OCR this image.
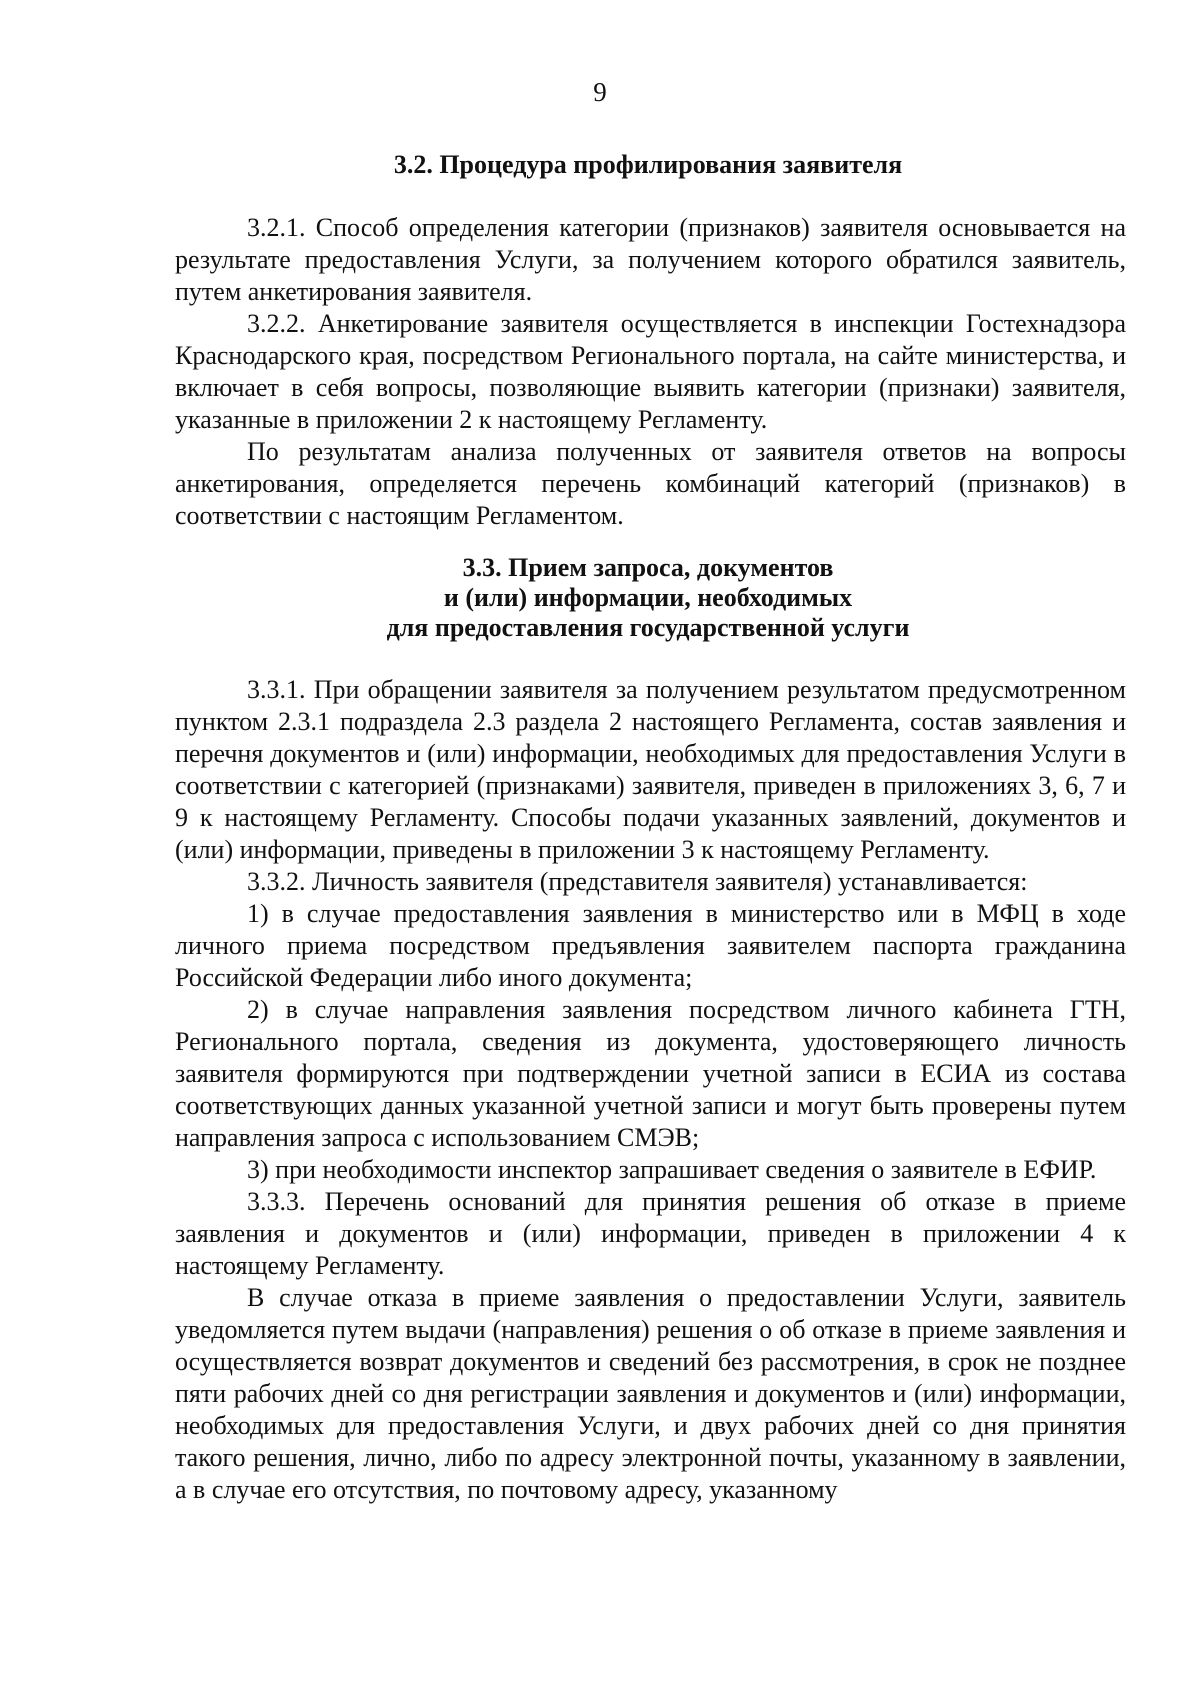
9
3.2. Процедура профилирования заявителя

3.2.1. Способ определения категории (признаков) заявителя основывается на результате предоставления Услуги, за получением которого обратился заявитель, путем анкетирования заявителя.

3.2.2. Анкетирование заявителя осуществляется в инспекции Гостехнадзора Краснодарского края, посредством Регионального портала, на сайте министерства, и включает в себя вопросы, позволяющие выявить категории (признаки) заявителя, указанные в приложении 2 к настоящему Регламенту.

По результатам анализа полученных от заявителя ответов на вопросы анкетирования, определяется перечень комбинаций категорий (признаков) в соответствии с настоящим Регламентом.

3.3. Прием запроса, документов
и (или) информации, необходимых
для предоставления государственной услуги

3.3.1. При обращении заявителя за получением результатом предусмотренном пунктом 2.3.1 подраздела 2.3 раздела 2 настоящего Регламента, состав заявления и перечня документов и (или) информации, необходимых для предоставления Услуги в соответствии с категорией (признаками) заявителя, приведен в приложениях 3, 6, 7 и 9 к настоящему Регламенту. Способы подачи указанных заявлений, документов и (или) информации, приведены в приложении 3 к настоящему Регламенту.

3.3.2. Личность заявителя (представителя заявителя) устанавливается:

1) в случае предоставления заявления в министерство или в МФЦ в ходе личного приема посредством предъявления заявителем паспорта гражданина Российской Федерации либо иного документа;

2) в случае направления заявления посредством личного кабинета ГТН, Регионального портала, сведения из документа, удостоверяющего личность заявителя формируются при подтверждении учетной записи в ЕСИА из состава соответствующих данных указанной учетной записи и могут быть проверены путем направления запроса с использованием СМЭВ;

3) при необходимости инспектор запрашивает сведения о заявителе в ЕФИР.

3.3.3. Перечень оснований для принятия решения об отказе в приеме заявления и документов и (или) информации, приведен в приложении 4 к настоящему Регламенту.

В случае отказа в приеме заявления о предоставлении Услуги, заявитель уведомляется путем выдачи (направления) решения о об отказе в приеме заявления и осуществляется возврат документов и сведений без рассмотрения, в срок не позднее пяти рабочих дней со дня регистрации заявления и документов и (или) информации, необходимых для предоставления Услуги, и двух рабочих дней со дня принятия такого решения, лично, либо по адресу электронной почты, указанному в заявлении, а в случае его отсутствия, по почтовому адресу, указанному
